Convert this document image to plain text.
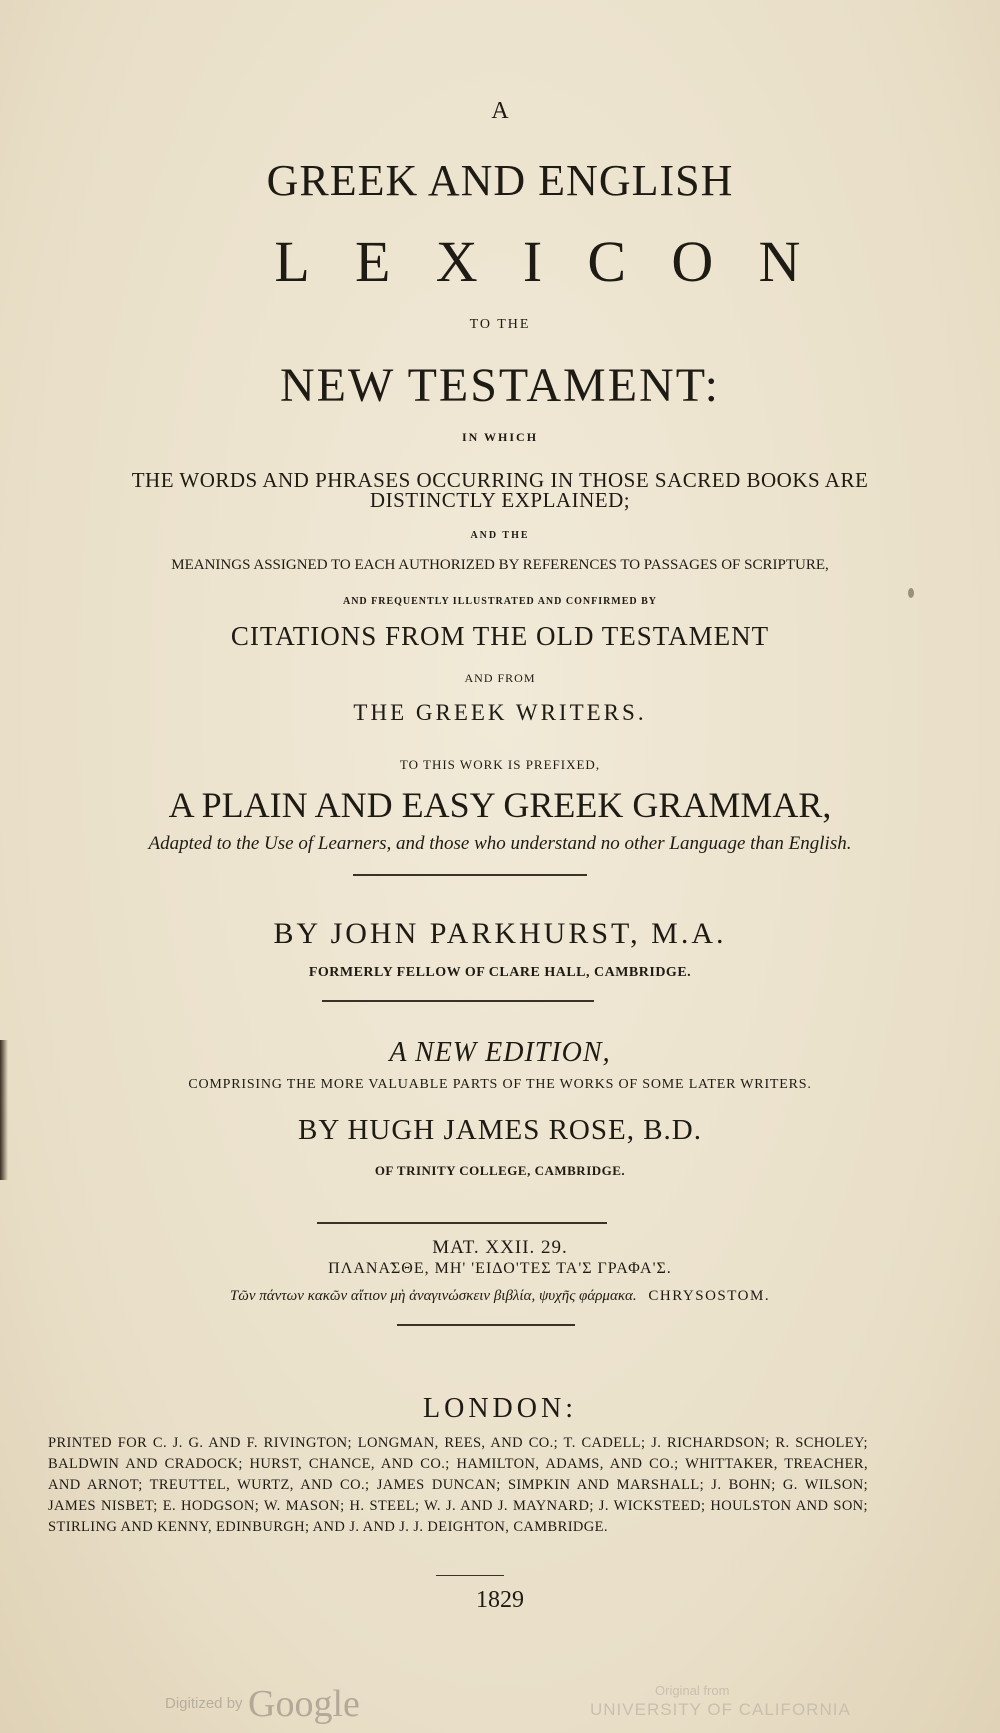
A
GREEK AND ENGLISH
LEXICON
TO THE
NEW TESTAMENT:
IN WHICH
THE WORDS AND PHRASES OCCURRING IN THOSE SACRED BOOKS ARE
DISTINCTLY EXPLAINED;
AND THE
MEANINGS ASSIGNED TO EACH AUTHORIZED BY REFERENCES TO PASSAGES OF SCRIPTURE,
AND FREQUENTLY ILLUSTRATED AND CONFIRMED BY
CITATIONS FROM THE OLD TESTAMENT
AND FROM
THE GREEK WRITERS.
TO THIS WORK IS PREFIXED,
A PLAIN AND EASY GREEK GRAMMAR,
Adapted to the Use of Learners, and those who understand no other Language than English.
BY JOHN PARKHURST, M.A.
FORMERLY FELLOW OF CLARE HALL, CAMBRIDGE.
A NEW EDITION,
COMPRISING THE MORE VALUABLE PARTS OF THE WORKS OF SOME LATER WRITERS.
BY HUGH JAMES ROSE, B.D.
OF TRINITY COLLEGE, CAMBRIDGE.
MAT. XXII. 29.
ΠΛΑΝΑ̃ΣΘΕ, ΜΗ' 'ΕΙΔΟ'ΤΕΣ ΤΑ'Σ ΓΡΑΦΑ'Σ.
Τῶν πάντων κακῶν αἴτιον μὴ ἀναγινώσκειν βιβλία, ψυχῆς φάρμακα. CHRYSOSTOM.
LONDON:
PRINTED FOR C. J. G. AND F. RIVINGTON; LONGMAN, REES, AND CO.; T. CADELL; J. RICHARDSON; R. SCHOLEY; BALDWIN AND CRADOCK; HURST, CHANCE, AND CO.; HAMILTON, ADAMS, AND CO.; WHITTAKER, TREACHER, AND ARNOT; TREUTTEL, WURTZ, AND CO.; JAMES DUNCAN; SIMPKIN AND MARSHALL; J. BOHN; G. WILSON; JAMES NISBET; E. HODGSON; W. MASON; H. STEEL; W. J. AND J. MAYNARD; J. WICKSTEED; HOULSTON AND SON; STIRLING AND KENNY, EDINBURGH; AND J. AND J. J. DEIGHTON, CAMBRIDGE.
1829
Digitized by Google	Original from
UNIVERSITY OF CALIFORNIA
